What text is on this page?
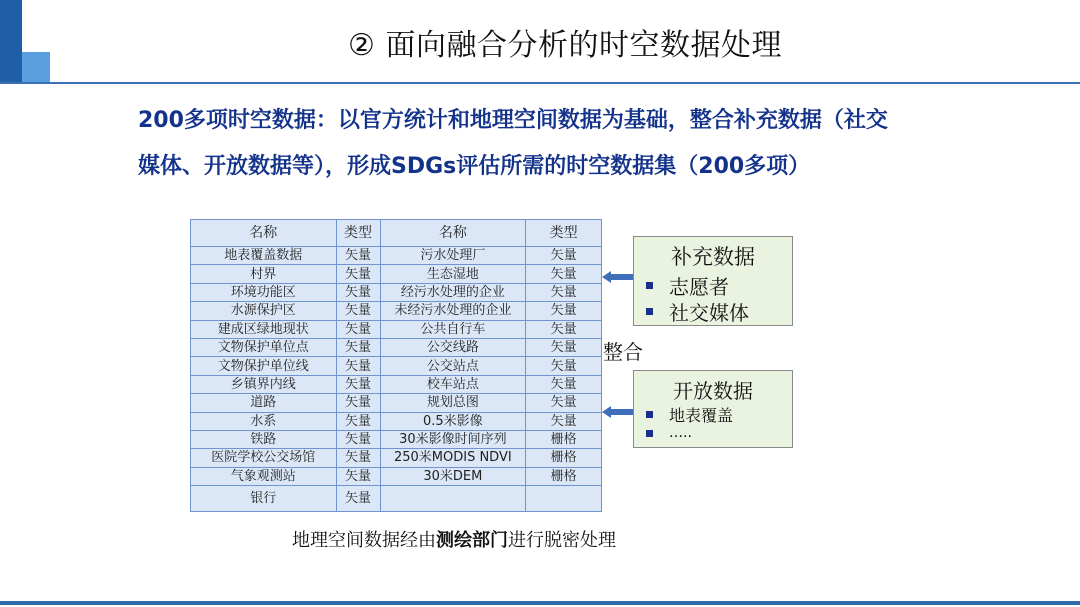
② 面向融合分析的时空数据处理
200多项时空数据：以官方统计和地理空间数据为基础，整合补充数据（社交
媒体、开放数据等），形成SDGs评估所需的时空数据集（200多项）
名称	类型	名称	类型
地表覆盖数据	矢量	污水处理厂	矢量
村界	矢量	生态湿地	矢量
环境功能区	矢量	经污水处理的企业	矢量
水源保护区	矢量	未经污水处理的企业	矢量
建成区绿地现状	矢量	公共自行车	矢量
文物保护单位点	矢量	公交线路	矢量
文物保护单位线	矢量	公交站点	矢量
乡镇界内线	矢量	校车站点	矢量
道路	矢量	规划总图	矢量
水系	矢量	0.5米影像	矢量
铁路	矢量	30米影像时间序列	栅格
医院学校公交场馆	矢量	250米MODIS NDVI	栅格
气象观测站	矢量	30米DEM	栅格
银行	矢量		
补充数据
志愿者
社交媒体
整合
开放数据
地表覆盖
…..
地理空间数据经由测绘部门进行脱密处理
